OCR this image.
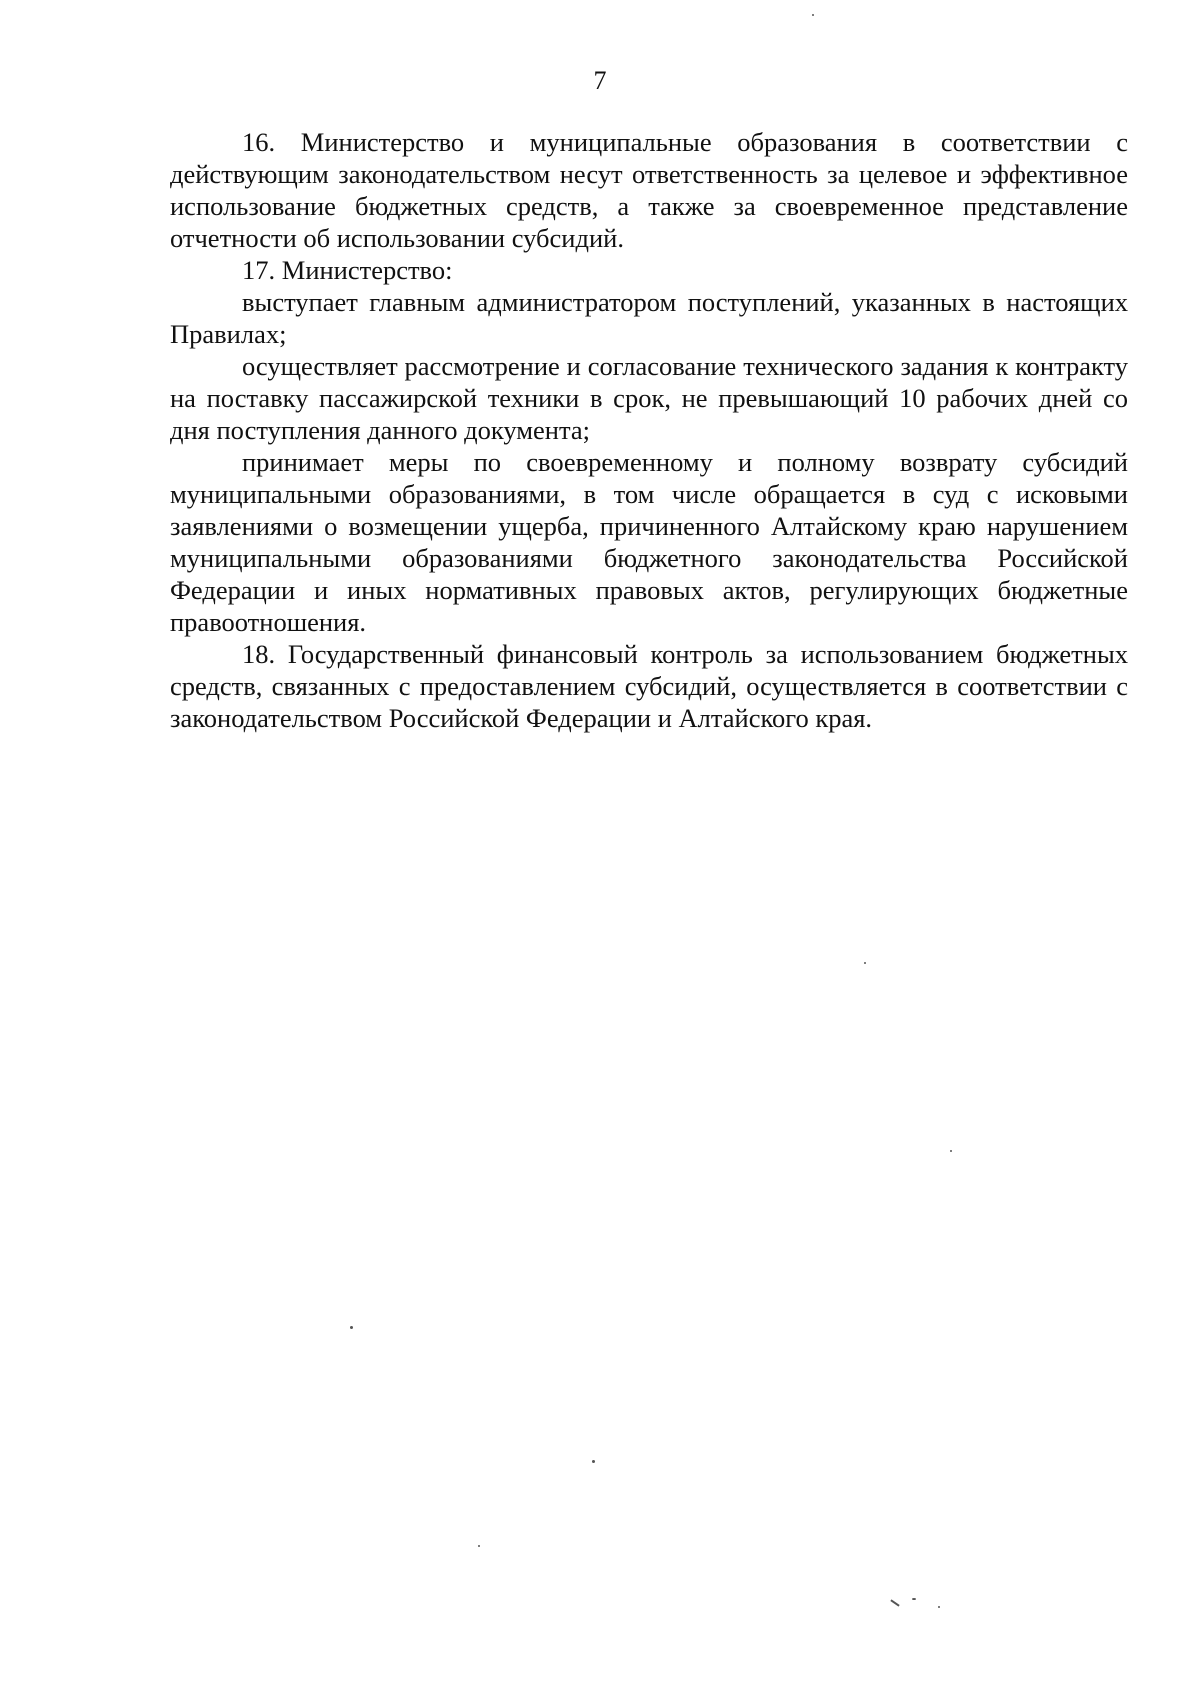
7

16. Министерство и муниципальные образования в соответствии с действующим законодательством несут ответственность за целевое и эффективное использование бюджетных средств, а также за своевременное представление отчетности об использовании субсидий.

17. Министерство:

выступает главным администратором поступлений, указанных в настоящих Правилах;

осуществляет рассмотрение и согласование технического задания к контракту на поставку пассажирской техники в срок, не превышающий 10 рабочих дней со дня поступления данного документа;

принимает меры по своевременному и полному возврату субсидий муниципальными образованиями, в том числе обращается в суд с исковыми заявлениями о возмещении ущерба, причиненного Алтайскому краю нарушением муниципальными образованиями бюджетного законодательства Российской Федерации и иных нормативных правовых актов, регулирующих бюджетные правоотношения.

18. Государственный финансовый контроль за использованием бюджетных средств, связанных с предоставлением субсидий, осуществляется в соответствии с законодательством Российской Федерации и Алтайского края.
